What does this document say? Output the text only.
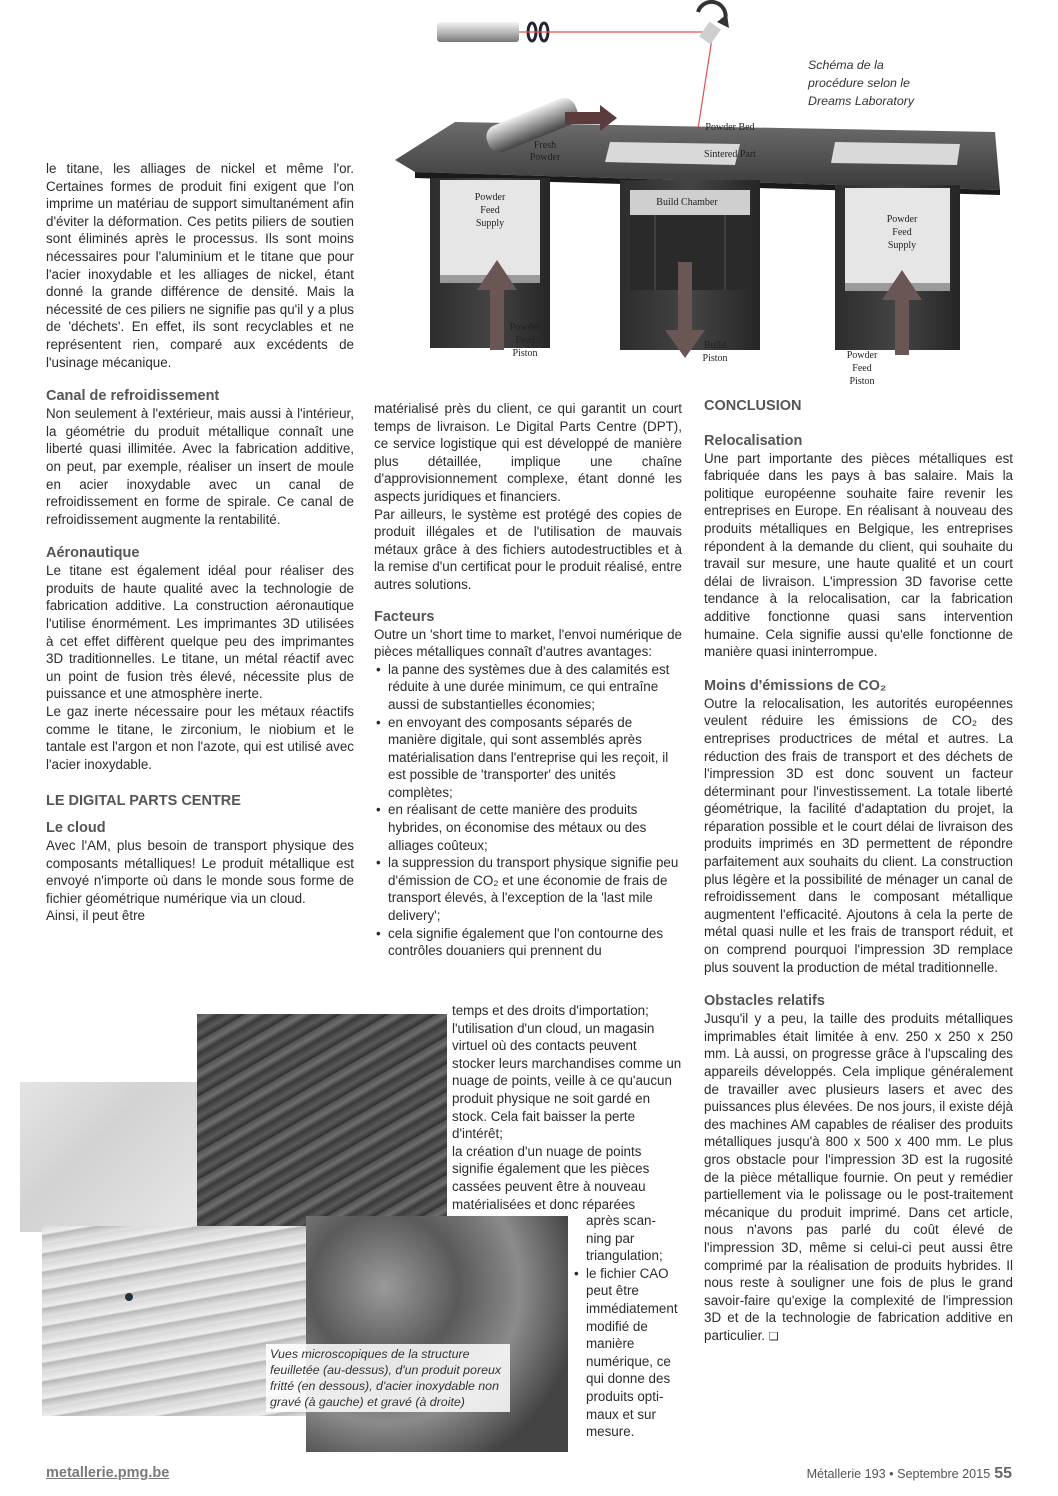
Fresh Powder
Powder Bed
Sintered Part
Build Chamber
Powder Feed Supply	Powder Feed Supply
Powder Feed Piston
Build Piston	Powder Feed Piston
Schéma de la
procédure selon le
Dreams Laboratory

le titane, les alliages de nickel et même l'or. Certaines formes de produit fini exigent que l'on imprime un matériau de support simultanément afin d'éviter la déformation. Ces petits piliers de soutien sont éliminés après le processus. Ils sont moins nécessaires pour l'aluminium et le titane que pour l'acier inoxydable et les alliages de nickel, étant donné la grande différence de densité. Mais la nécessité de ces piliers ne signifie pas qu'il y a plus de 'déchets'. En effet, ils sont recyclables et ne représentent rien, comparé aux excédents de l'usinage mécanique.

Canal de refroidissement

Non seulement à l'extérieur, mais aussi à l'intérieur, la géométrie du produit métallique connaît une liberté quasi illimitée. Avec la fabrication additive, on peut, par exemple, réaliser un insert de moule en acier inoxydable avec un canal de refroidissement en forme de spirale. Ce canal de refroidissement augmente la rentabilité.

Aéronautique

Le titane est également idéal pour réaliser des produits de haute qualité avec la technologie de fabrication additive. La construction aéronautique l'utilise énormément. Les imprimantes 3D utilisées à cet effet diffèrent quelque peu des imprimantes 3D traditionnelles. Le titane, un métal réactif avec un point de fusion très élevé, nécessite plus de puissance et une atmosphère inerte.

Le gaz inerte nécessaire pour les métaux réactifs comme le titane, le zirconium, le niobium et le tantale est l'argon et non l'azote, qui est utilisé avec l'acier inoxydable.

LE DIGITAL PARTS CENTRE

Le cloud

Avec l'AM, plus besoin de transport physique des composants métalliques! Le produit métallique est envoyé n'importe où dans le monde sous forme de fichier géométrique numérique via un cloud.

Ainsi, il peut être

matérialisé près du client, ce qui garantit un court temps de livraison. Le Digital Parts Centre (DPT), ce service logistique qui est développé de manière plus détaillée, implique une chaîne d'approvisionnement complexe, étant donné les aspects juridiques et financiers.

Par ailleurs, le système est protégé des copies de produit illégales et de l'utilisation de mauvais métaux grâce à des fichiers autodestructibles et à la remise d'un certificat pour le produit réalisé, entre autres solutions.

Facteurs

Outre un 'short time to market, l'envoi numérique de pièces métalliques connaît d'autres avantages:

• la panne des systèmes due à des calamités est réduite à une durée minimum, ce qui entraîne aussi de substantielles économies;
• en envoyant des composants séparés de manière digitale, qui sont assemblés après matérialisation dans l'entreprise qui les reçoit, il est possible de 'transporter' des unités complètes;
• en réalisant de cette manière des produits hybrides, on économise des métaux ou des alliages coûteux;
• la suppression du transport physique signifie peu d'émission de CO₂ et une économie de frais de transport élevés, à l'exception de la 'last mile delivery';
• cela signifie également que l'on contourne des contrôles douaniers qui prennent du

temps et des droits d'importation;

• l'utilisation d'un cloud, un magasin virtuel où des contacts peuvent stocker leurs marchandises comme un nuage de points, veille à ce qu'aucun produit physique ne soit gardé en stock. Cela fait baisser la perte d'intérêt;
• la création d'un nuage de points signifie également que les pièces cassées peuvent être à nouveau matérialisées et donc réparées
après scan-
ning par
triangulation;
• le fichier CAO
peut être
immédiatement
modifié de
manière
numérique, ce
qui donne des
produits opti-
maux et sur
mesure.

CONCLUSION

Relocalisation

Une part importante des pièces métalliques est fabriquée dans les pays à bas salaire. Mais la politique européenne souhaite faire revenir les entreprises en Europe. En réalisant à nouveau des produits métalliques en Belgique, les entreprises répondent à la demande du client, qui souhaite du travail sur mesure, une haute qualité et un court délai de livraison. L'impression 3D favorise cette tendance à la relocalisation, car la fabrication additive fonctionne quasi sans intervention humaine. Cela signifie aussi qu'elle fonctionne de manière quasi ininterrompue.

Moins d'émissions de CO₂

Outre la relocalisation, les autorités européennes veulent réduire les émissions de CO₂ des entreprises productrices de métal et autres. La réduction des frais de transport et des déchets de l'impression 3D est donc souvent un facteur déterminant pour l'investissement. La totale liberté géométrique, la facilité d'adaptation du projet, la réparation possible et le court délai de livraison des produits imprimés en 3D permettent de répondre parfaitement aux souhaits du client. La construction plus légère et la possibilité de ménager un canal de refroidissement dans le composant métallique augmentent l'efficacité. Ajoutons à cela la perte de métal quasi nulle et les frais de transport réduit, et on comprend pourquoi l'impression 3D remplace plus souvent la production de métal traditionnelle.

Obstacles relatifs

Jusqu'il y a peu, la taille des produits métalliques imprimables était limitée à env. 250 x 250 x 250 mm. Là aussi, on progresse grâce à l'upscaling des appareils développés. Cela implique généralement de travailler avec plusieurs lasers et avec des puissances plus élevées. De nos jours, il existe déjà des machines AM capables de réaliser des produits métalliques jusqu'à 800 x 500 x 400 mm. Le plus gros obstacle pour l'impression 3D est la rugosité de la pièce métallique fournie. On peut y remédier partiellement via le polissage ou le post-traitement mécanique du produit imprimé. Dans cet article, nous n'avons pas parlé du coût élevé de l'impression 3D, même si celui-ci peut aussi être comprimé par la réalisation de produits hybrides. Il nous reste à souligner une fois de plus le grand savoir-faire qu'exige la complexité de l'impression 3D et de la technologie de fabrication additive en particulier. ❑

Vues microscopiques de la structure feuilletée (au-dessus), d'un produit poreux fritté (en dessous), d'acier inoxydable non gravé (à gauche) et gravé (à droite)
metallerie.pmg.be	Métallerie 193 • Septembre 2015 55
